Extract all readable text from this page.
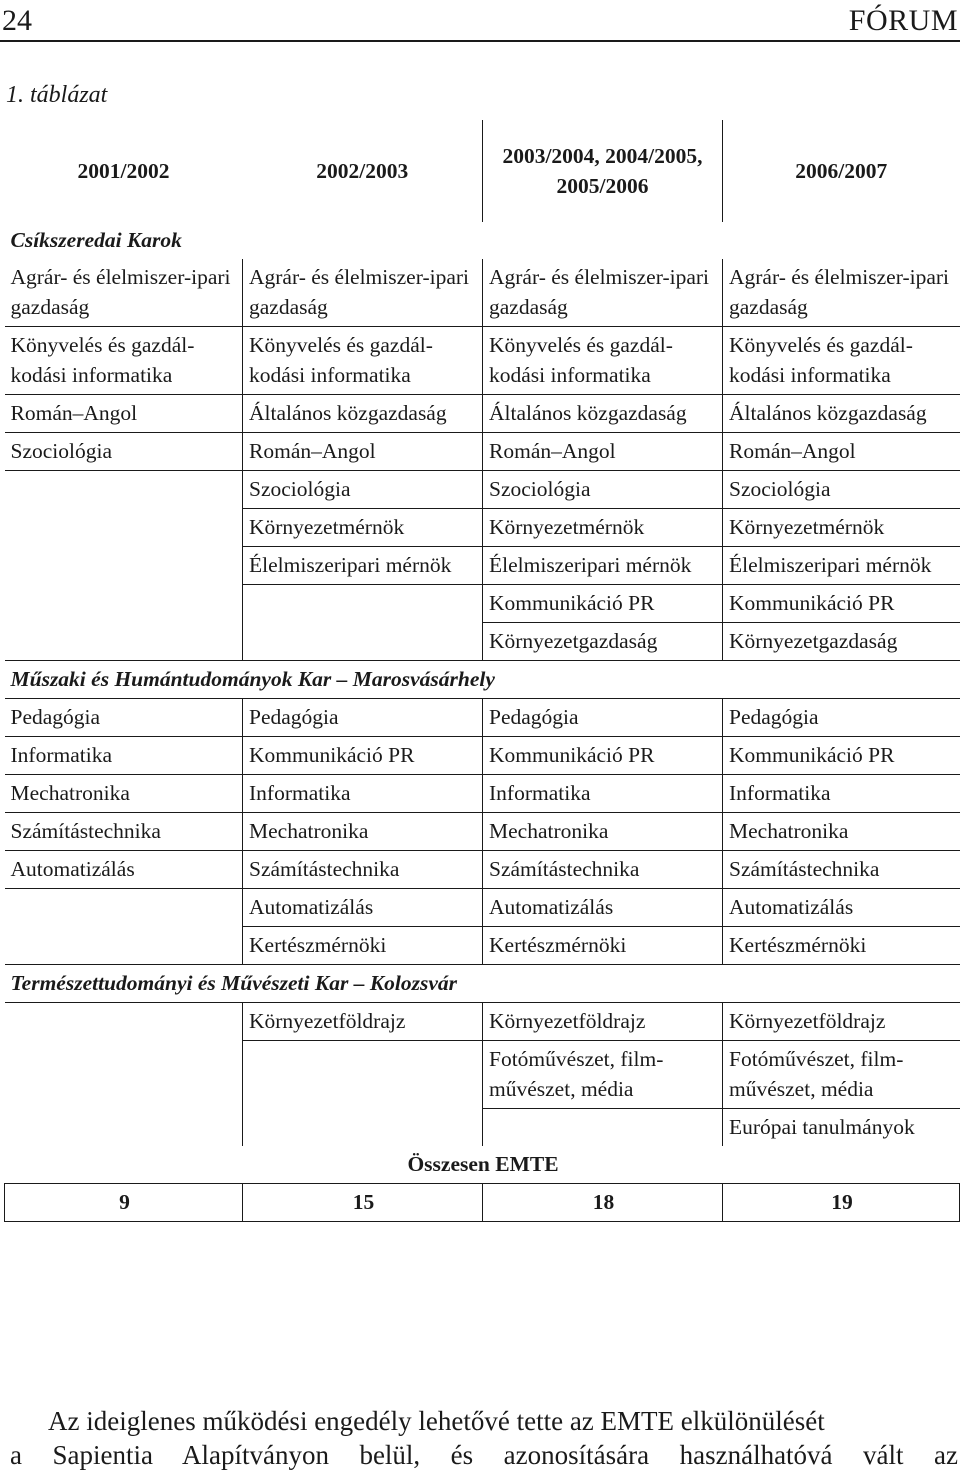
24	FÓRUM
1. táblázat
2001/2002	2002/2003	2003/2004, 2004/2005, 2005/2006	2006/2007
Csíkszeredai Karok			
Agrár- és élelmiszer-ipari gazdaság	Agrár- és élelmiszer-ipari gazdaság	Agrár- és élelmiszer-ipari gazdaság	Agrár- és élelmiszer-ipari gazdaság
Könyvelés és gazdál-kodási informatika	Könyvelés és gazdál-kodási informatika	Könyvelés és gazdál-kodási informatika	Könyvelés és gazdál-kodási informatika
Román–Angol	Általános közgazdaság	Általános közgazdaság	Általános közgazdaság
Szociológia	Román–Angol	Román–Angol	Román–Angol
	Szociológia	Szociológia	Szociológia
	Környezetmérnök	Környezetmérnök	Környezetmérnök
	Élelmiszeripari mérnök	Élelmiszeripari mérnök	Élelmiszeripari mérnök
		Kommunikáció PR	Kommunikáció PR
		Környezetgazdaság	Környezetgazdaság
Műszaki és Humántudományok Kar – Marosvásárhely			
Pedagógia	Pedagógia	Pedagógia	Pedagógia
Informatika	Kommunikáció PR	Kommunikáció PR	Kommunikáció PR
Mechatronika	Informatika	Informatika	Informatika
Számítástechnika	Mechatronika	Mechatronika	Mechatronika
Automatizálás	Számítástechnika	Számítástechnika	Számítástechnika
	Automatizálás	Automatizálás	Automatizálás
	Kertészmérnöki	Kertészmérnöki	Kertészmérnöki
Természettudományi és Művészeti Kar – Kolozsvár			
	Környezetföldrajz	Környezetföldrajz	Környezetföldrajz
		Fotóművészet, film-művészet, média	Fotóművészet, film-művészet, média
			Európai tanulmányok
Összesen EMTE			
9	15	18	19
Az ideiglenes működési engedély lehetővé tette az EMTE elkülönülését
a Sapientia Alapítványon belül, és azonosítására használhatóvá vált az
